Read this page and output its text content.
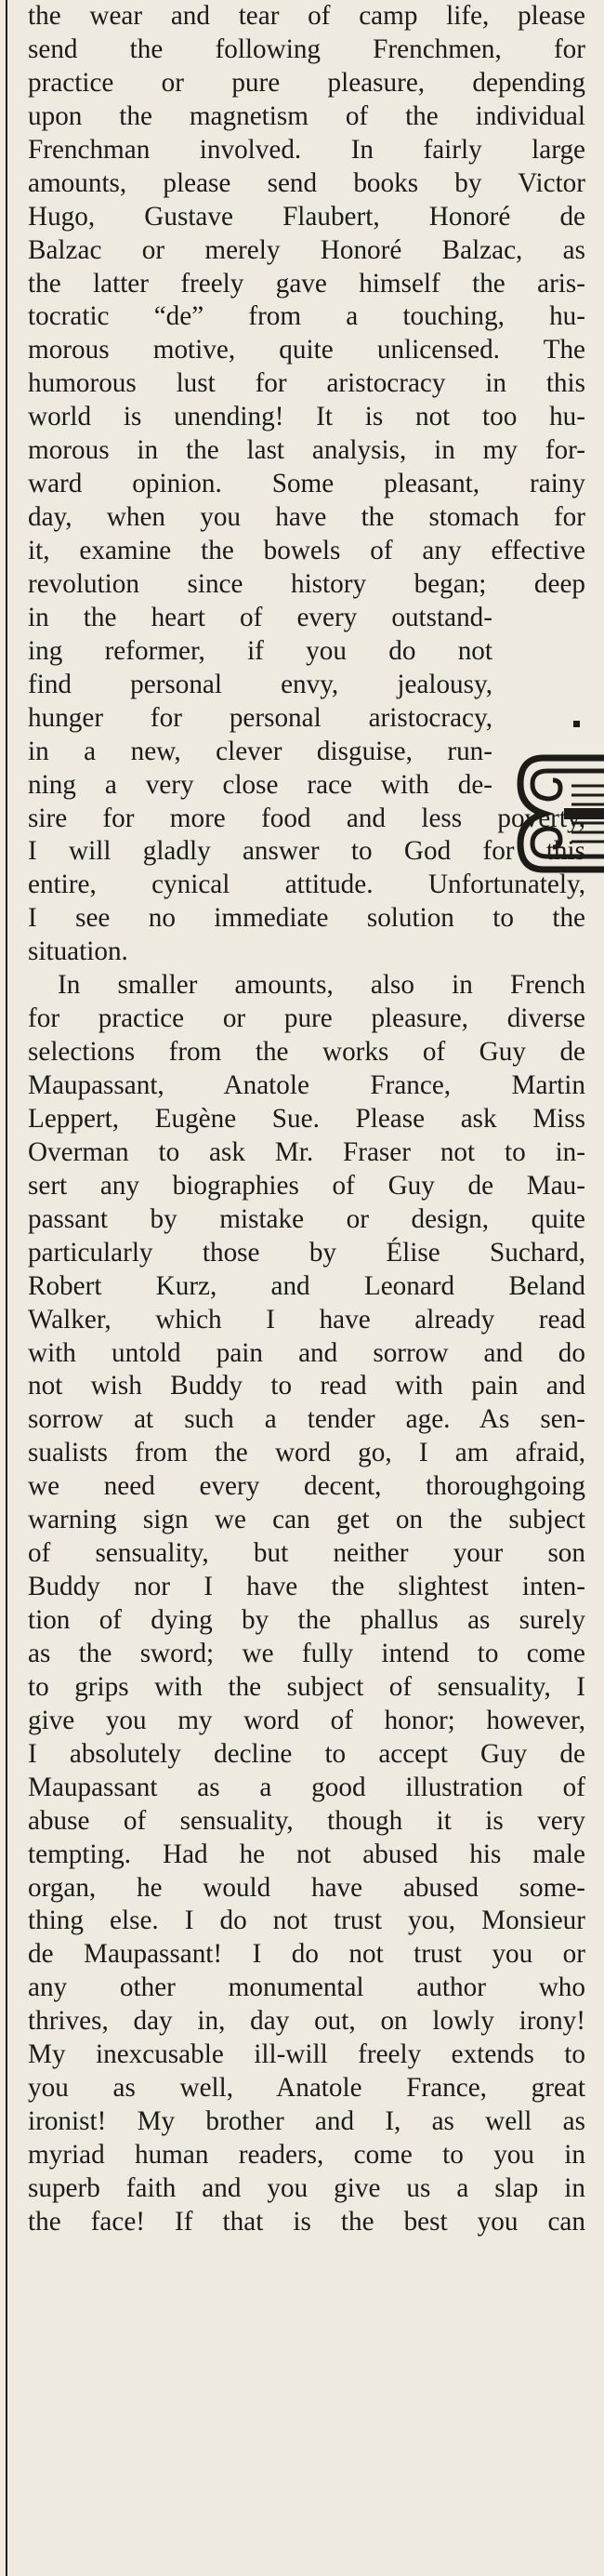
the wear and tear of camp life, please
send the following Frenchmen, for
practice or pure pleasure, depending
upon the magnetism of the individual
Frenchman involved. In fairly large
amounts, please send books by Victor
Hugo, Gustave Flaubert, Honoré de
Balzac or merely Honoré Balzac, as
the latter freely gave himself the aris-
tocratic “de” from a touching, hu-
morous motive, quite unlicensed. The
humorous lust for aristocracy in this
world is unending! It is not too hu-
morous in the last analysis, in my for-
ward opinion. Some pleasant, rainy
day, when you have the stomach for
it, examine the bowels of any effective
revolution since history began; deep
in the heart of every outstand-
ing reformer, if you do not
find personal envy, jealousy,
hunger for personal aristocracy,
in a new, clever disguise, run-
ning a very close race with de-
sire for more food and less poverty,
I will gladly answer to God for this
entire, cynical attitude. Unfortunately,
I see no immediate solution to the
situation.
In smaller amounts, also in French
for practice or pure pleasure, diverse
selections from the works of Guy de
Maupassant, Anatole France, Martin
Leppert, Eugène Sue. Please ask Miss
Overman to ask Mr. Fraser not to in-
sert any biographies of Guy de Mau-
passant by mistake or design, quite
particularly those by Élise Suchard,
Robert Kurz, and Leonard Beland
Walker, which I have already read
with untold pain and sorrow and do
not wish Buddy to read with pain and
sorrow at such a tender age. As sen-
sualists from the word go, I am afraid,
we need every decent, thoroughgoing
warning sign we can get on the subject
of sensuality, but neither your son
Buddy nor I have the slightest inten-
tion of dying by the phallus as surely
as the sword; we fully intend to come
to grips with the subject of sensuality, I
give you my word of honor; however,
I absolutely decline to accept Guy de
Maupassant as a good illustration of
abuse of sensuality, though it is very
tempting. Had he not abused his male
organ, he would have abused some-
thing else. I do not trust you, Monsieur
de Maupassant! I do not trust you or
any other monumental author who
thrives, day in, day out, on lowly irony!
My inexcusable ill-will freely extends to
you as well, Anatole France, great
ironist! My brother and I, as well as
myriad human readers, come to you in
superb faith and you give us a slap in
the face! If that is the best you can
